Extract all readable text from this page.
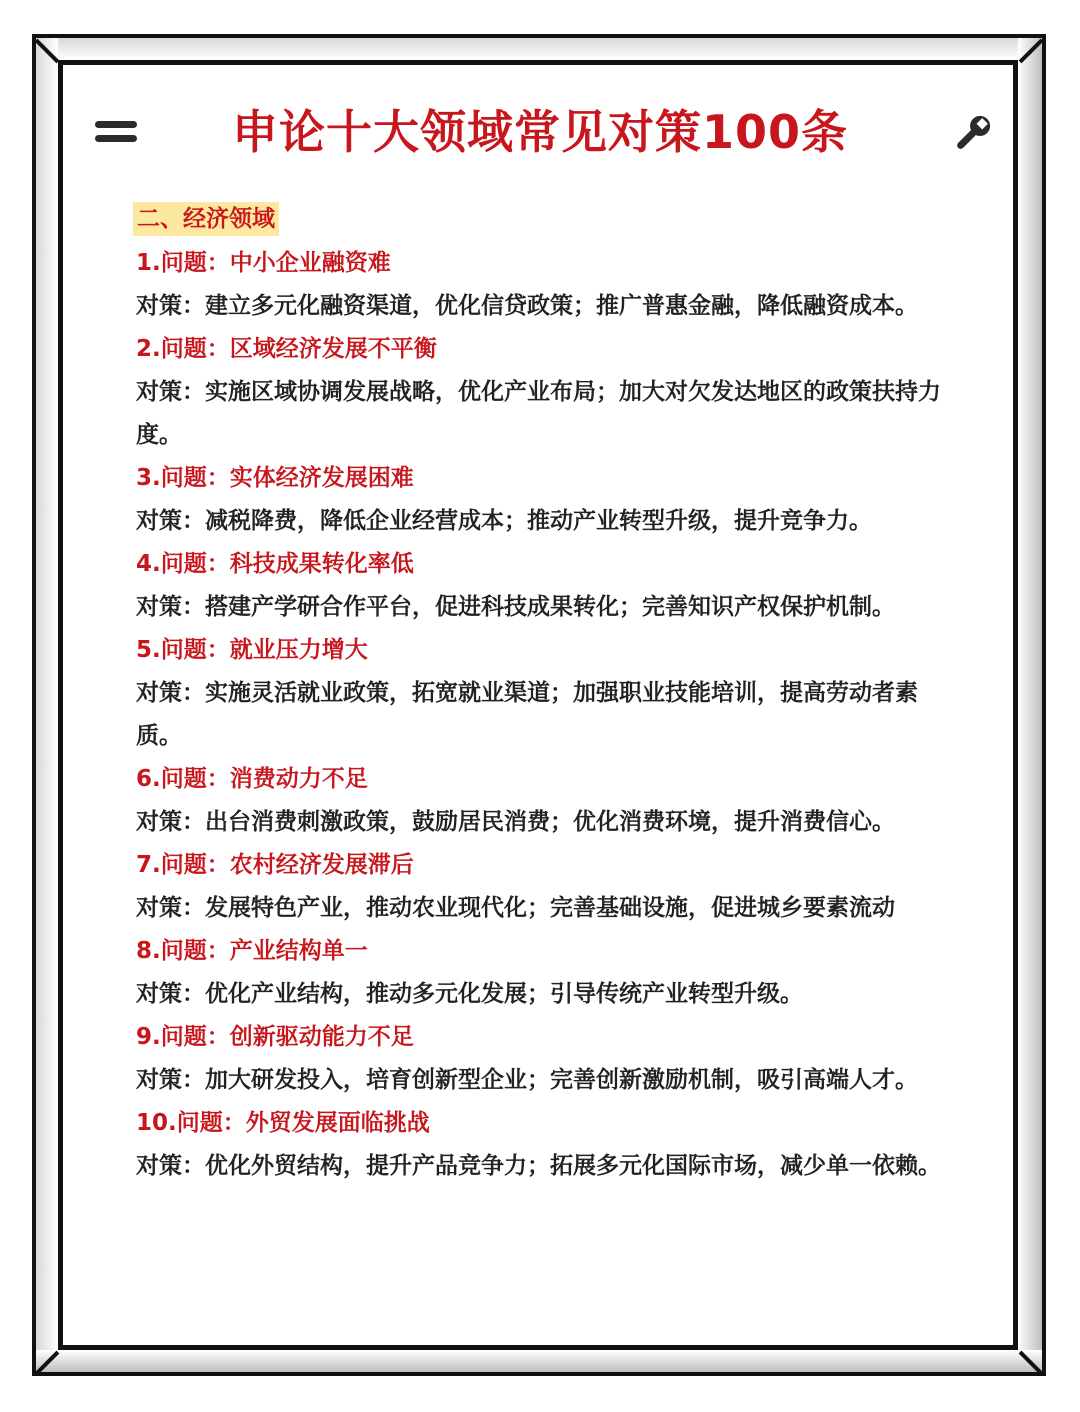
申论十大领域常见对策100条
二、经济领域
1.问题：中小企业融资难
对策：建立多元化融资渠道，优化信贷政策；推广普惠金融，降低融资成本。
2.问题：区域经济发展不平衡
对策：实施区域协调发展战略，优化产业布局；加大对欠发达地区的政策扶持力度。
3.问题：实体经济发展困难
对策：减税降费，降低企业经营成本；推动产业转型升级，提升竞争力。
4.问题：科技成果转化率低
对策：搭建产学研合作平台，促进科技成果转化；完善知识产权保护机制。
5.问题：就业压力增大
对策：实施灵活就业政策，拓宽就业渠道；加强职业技能培训，提高劳动者素质。
6.问题：消费动力不足
对策：出台消费刺激政策，鼓励居民消费；优化消费环境，提升消费信心。
7.问题：农村经济发展滞后
对策：发展特色产业，推动农业现代化；完善基础设施，促进城乡要素流动
8.问题：产业结构单一
对策：优化产业结构，推动多元化发展；引导传统产业转型升级。
9.问题：创新驱动能力不足
对策：加大研发投入，培育创新型企业；完善创新激励机制，吸引高端人才。
10.问题：外贸发展面临挑战
对策：优化外贸结构，提升产品竞争力；拓展多元化国际市场，减少单一依赖。
